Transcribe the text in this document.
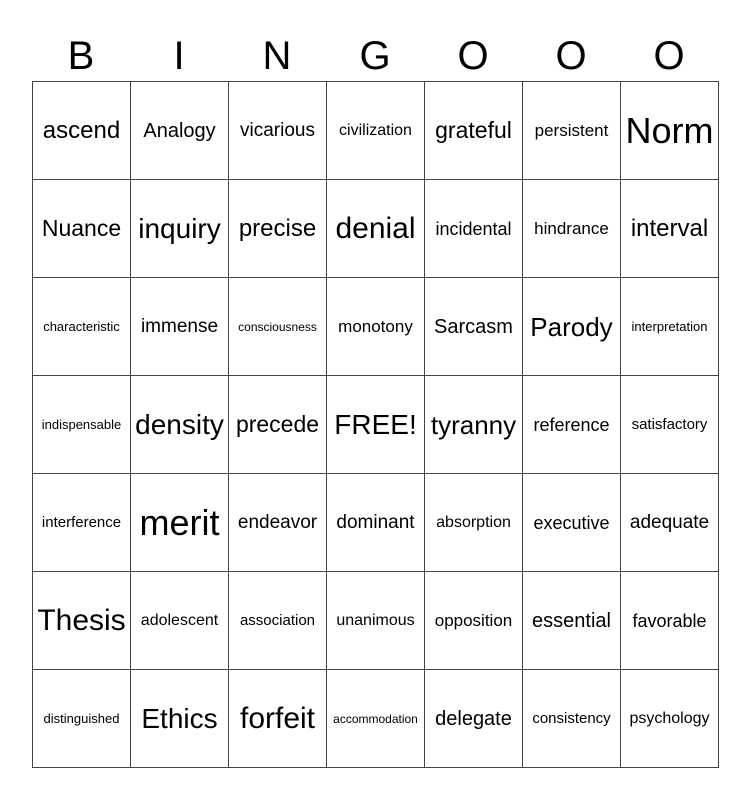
B	I	N	G	O	O	O
ascend Analogy vicarious civilization grateful persistent Norm
Nuance inquiry precise denial incidental hindrance interval
characteristic immense consciousness monotony Sarcasm Parody interpretation
indispensable density precede FREE! tyranny reference satisfactory
interference merit endeavor dominant absorption executive adequate
Thesis adolescent association unanimous opposition essential favorable
distinguished Ethics forfeit accommodation delegate consistency psychology
